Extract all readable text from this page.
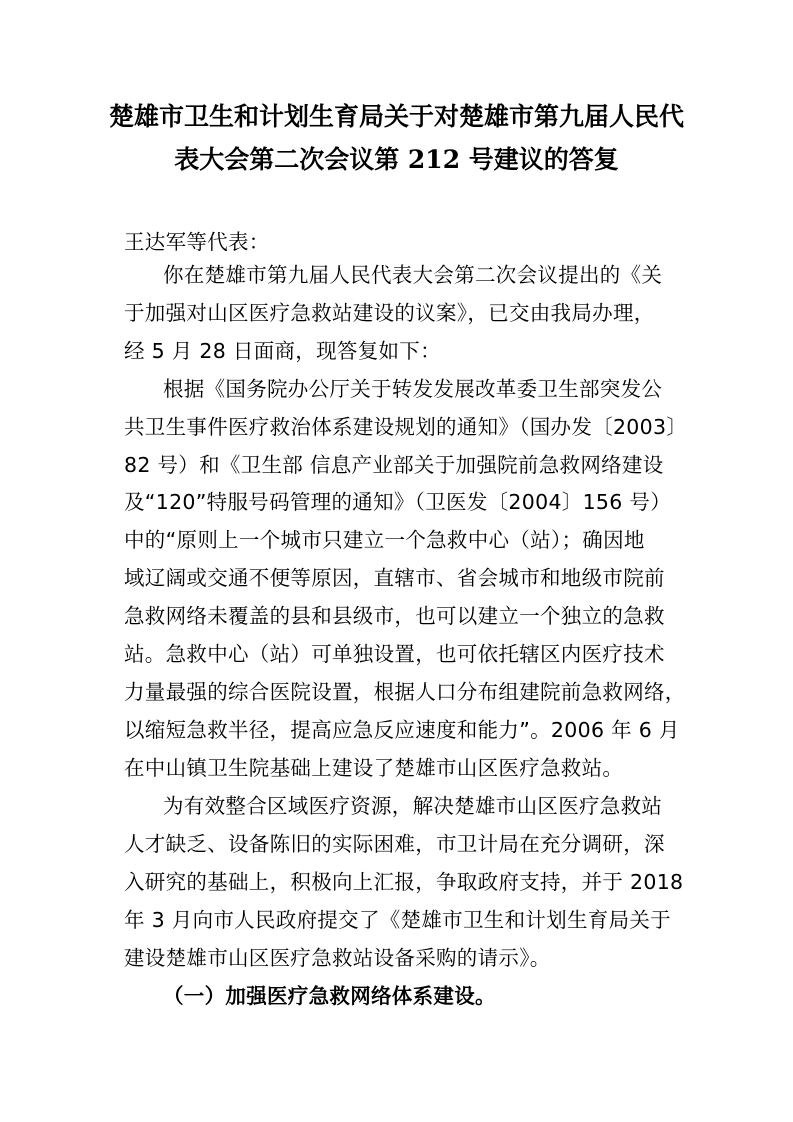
楚雄市卫生和计划生育局关于对楚雄市第九届人民代
表大会第二次会议第 212 号建议的答复
王达军等代表：
你在楚雄市第九届人民代表大会第二次会议提出的《关
于加强对山区医疗急救站建设的议案》，已交由我局办理，
经 5 月 28 日面商，现答复如下：
根据《国务院办公厅关于转发发展改革委卫生部突发公
共卫生事件医疗救治体系建设规划的通知》（国办发〔2003〕
82 号）和《卫生部 信息产业部关于加强院前急救网络建设
及“120”特服号码管理的通知》（卫医发〔2004〕156 号）
中的“原则上一个城市只建立一个急救中心（站）；确因地
域辽阔或交通不便等原因，直辖市、省会城市和地级市院前
急救网络未覆盖的县和县级市，也可以建立一个独立的急救
站。急救中心（站）可单独设置，也可依托辖区内医疗技术
力量最强的综合医院设置，根据人口分布组建院前急救网络，
以缩短急救半径，提高应急反应速度和能力”。2006 年 6 月
在中山镇卫生院基础上建设了楚雄市山区医疗急救站。
为有效整合区域医疗资源，解决楚雄市山区医疗急救站
人才缺乏、设备陈旧的实际困难，市卫计局在充分调研，深
入研究的基础上，积极向上汇报，争取政府支持，并于 2018
年 3 月向市人民政府提交了《楚雄市卫生和计划生育局关于
建设楚雄市山区医疗急救站设备采购的请示》。
（一）加强医疗急救网络体系建设。
